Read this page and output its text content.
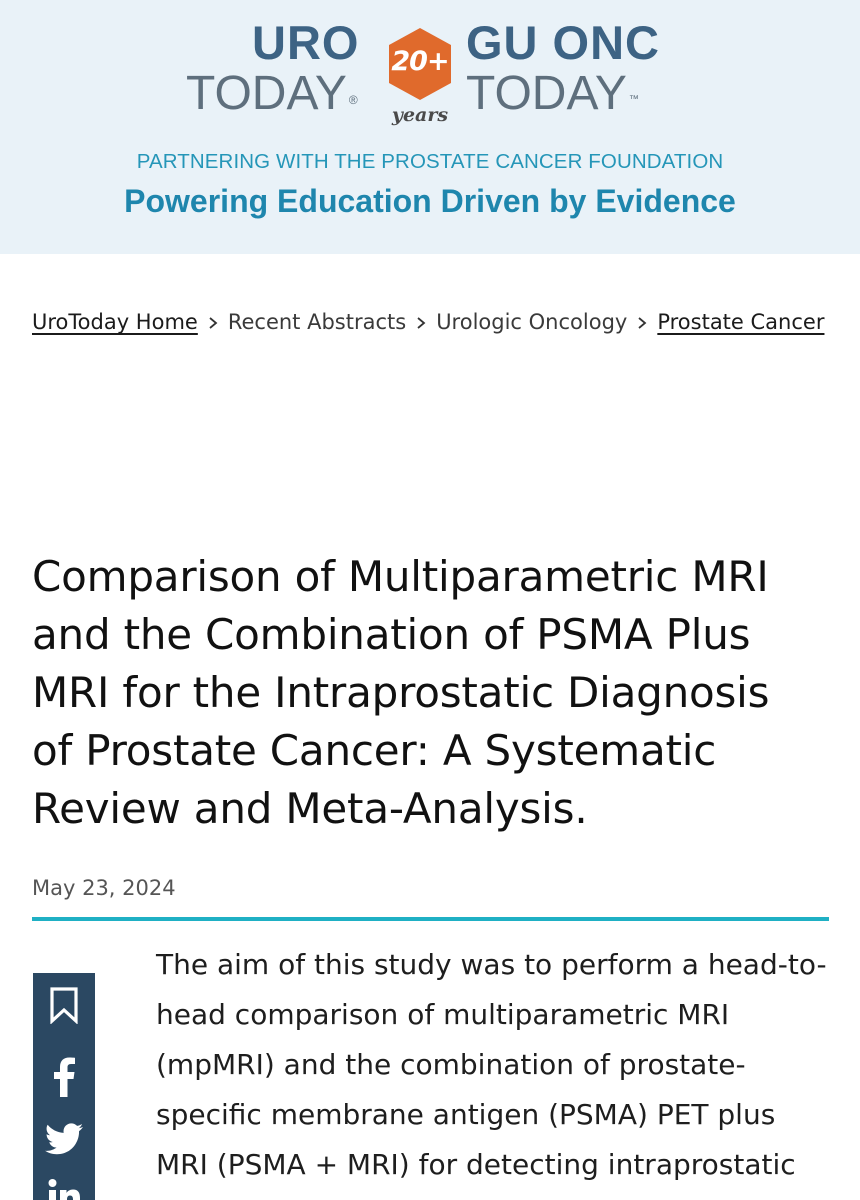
URO
TODAY ®
20+
years
GU ONC
TODAY ™
PARTNERING WITH THE PROSTATE CANCER FOUNDATION
Powering Education Driven by Evidence
UroToday Home Recent Abstracts Urologic Oncology Prostate Cancer
Comparison of Multiparametric MRI
and the Combination of PSMA Plus
MRI for the Intraprostatic Diagnosis
of Prostate Cancer: A Systematic
Review and Meta-Analysis.
May 23, 2024
The aim of this study was to perform a head-to-
head comparison of multiparametric MRI
(mpMRI) and the combination of prostate-
specific membrane antigen (PSMA) PET plus
MRI (PSMA + MRI) for detecting intraprostatic
